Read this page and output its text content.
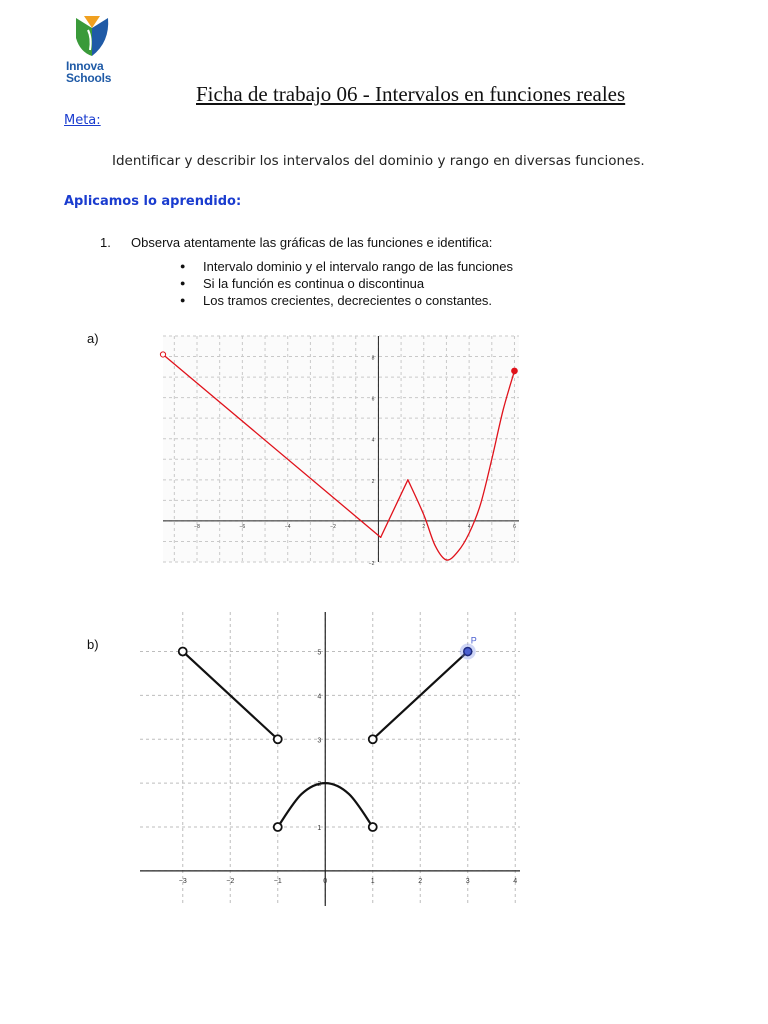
Innova
Schools
Ficha de trabajo 06 - Intervalos en funciones reales
Meta:
Identificar y describir los intervalos del dominio y rango en diversas funciones.
Aplicamos lo aprendido:
1. Observa atentamente las gráficas de las funciones e identifica:
● Intervalo dominio y el intervalo rango de las funciones
● Si la función es continua o discontinua
● Los tramos crecientes, decrecientes o constantes.
a)
b)
−8	−6	−4	−2	2	4	6
−2
2
4
6
8
−3	−2	−1	0	1	2	3	4
1
2
3
4
5
P
